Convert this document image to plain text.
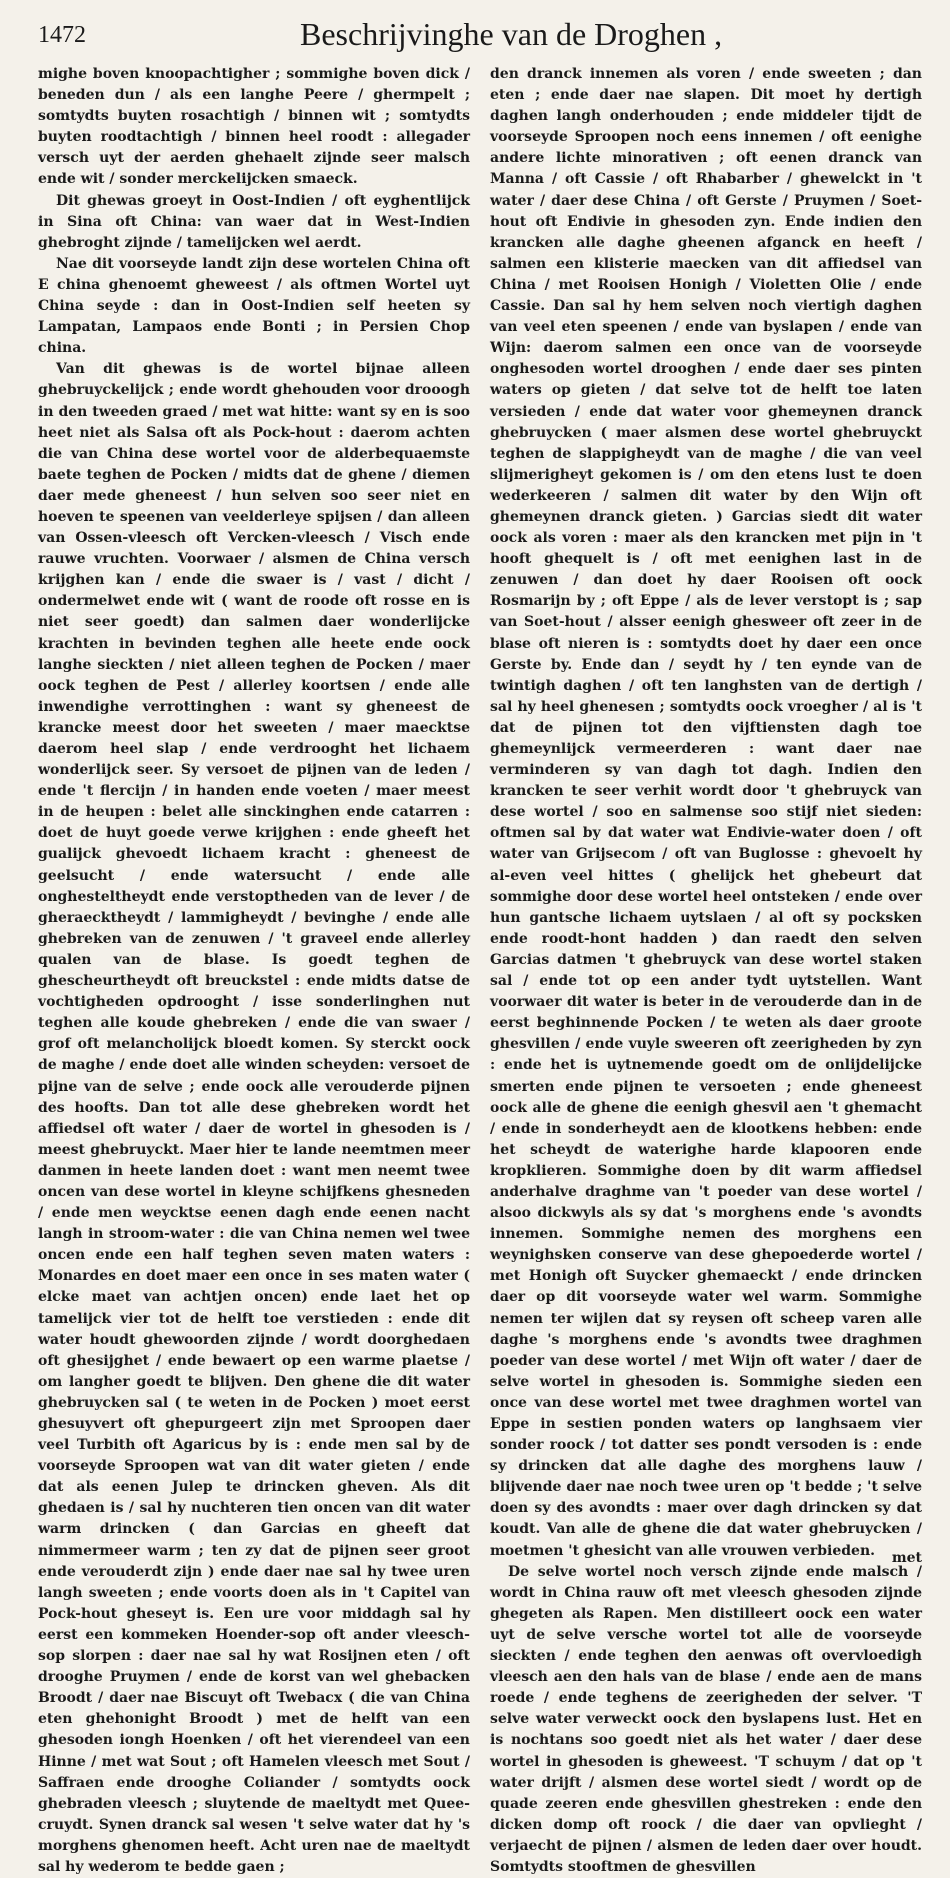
1472	Beschrijvinghe van de Droghen ,

mighe boven knoopachtigher ; sommighe boven dick / beneden dun / als een langhe Peere / ghermpelt ; somtydts buyten rosachtigh / binnen wit ; somtydts buyten roodtachtigh / binnen heel roodt : allegader versch uyt der aerden ghehaelt zijnde seer malsch ende wit / sonder merckelijcken smaeck.

Dit ghewas groeyt in Oost-Indien / oft eyghentlijck in Sina oft China: van waer dat in West-Indien ghebroght zijnde / tamelijcken wel aerdt.

Nae dit voorseyde landt zijn dese wortelen China oft E china ghenoemt gheweest / als oftmen Wortel uyt China seyde : dan in Oost-Indien self heeten sy Lampatan, Lampaos ende Bonti ; in Persien Chop china.

Van dit ghewas is de wortel bijnae alleen ghebruyckelijck ; ende wordt ghehouden voor drooogh in den tweeden graed / met wat hitte: want sy en is soo heet niet als Salsa oft als Pock-hout : daerom achten die van China dese wortel voor de alderbequaemste baete teghen de Pocken / midts dat de ghene / diemen daer mede gheneest / hun selven soo seer niet en hoeven te speenen van veelderleye spijsen / dan alleen van Ossen-vleesch oft Vercken-vleesch / Visch ende rauwe vruchten. Voorwaer / alsmen de China versch krijghen kan / ende die swaer is / vast / dicht / ondermelwet ende wit ( want de roode oft rosse en is niet seer goedt) dan salmen daer wonderlijcke krachten in bevinden teghen alle heete ende oock langhe sieckten / niet alleen teghen de Pocken / maer oock teghen de Pest / allerley koortsen / ende alle inwendighe verrottinghen : want sy gheneest de krancke meest door het sweeten / maer maecktse daerom heel slap / ende verdrooght het lichaem wonderlijck seer. Sy versoet de pijnen van de leden / ende 't flercijn / in handen ende voeten / maer meest in de heupen : belet alle sinckinghen ende catarren : doet de huyt goede verwe krijghen : ende gheeft het gualijck ghevoedt lichaem kracht : gheneest de geelsucht / ende watersucht / ende alle onghesteltheydt ende verstoptheden van de lever / de gheraecktheydt / lammigheydt / bevinghe / ende alle ghebreken van de zenuwen / 't graveel ende allerley qualen van de blase. Is goedt teghen de ghescheurtheydt oft breuckstel : ende midts datse de vochtigheden opdrooght / isse sonderlinghen nut teghen alle koude ghebreken / ende die van swaer / grof oft melancholijck bloedt komen. Sy sterckt oock de maghe / ende doet alle winden scheyden: versoet de pijne van de selve ; ende oock alle verouderde pijnen des hoofts. Dan tot alle dese ghebreken wordt het affiedsel oft water / daer de wortel in ghesoden is / meest ghebruyckt. Maer hier te lande neemtmen meer danmen in heete landen doet : want men neemt twee oncen van dese wortel in kleyne schijfkens ghesneden / ende men weycktse eenen dagh ende eenen nacht langh in stroom-water : die van China nemen wel twee oncen ende een half teghen seven maten waters : Monardes en doet maer een once in ses maten water ( elcke maet van achtjen oncen) ende laet het op tamelijck vier tot de helft toe verstieden : ende dit water houdt ghewoorden zijnde / wordt doorghedaen oft ghesijghet / ende bewaert op een warme plaetse / om langher goedt te blijven. Den ghene die dit water ghebruycken sal ( te weten in de Pocken ) moet eerst ghesuyvert oft ghepurgeert zijn met Sproopen daer veel Turbith oft Agaricus by is : ende men sal by de voorseyde Sproopen wat van dit water gieten / ende dat als eenen Julep te drincken gheven. Als dit ghedaen is / sal hy nuchteren tien oncen van dit water warm drincken ( dan Garcias en gheeft dat nimmermeer warm ; ten zy dat de pijnen seer groot ende verouderdt zijn ) ende daer nae sal hy twee uren langh sweeten ; ende voorts doen als in 't Capitel van Pock-hout gheseyt is. Een ure voor middagh sal hy eerst een kommeken Hoender-sop oft ander vleesch-sop slorpen : daer nae sal hy wat Rosijnen eten / oft drooghe Pruymen / ende de korst van wel ghebacken Broodt / daer nae Biscuyt oft Twebacx ( die van China eten ghehonight Broodt ) met de helft van een ghesoden iongh Hoenken / oft het vierendeel van een Hinne / met wat Sout ; oft Hamelen vleesch met Sout / Saffraen ende drooghe Coliander / somtydts oock ghebraden vleesch ; sluytende de maeltydt met Quee-cruydt. Synen dranck sal wesen 't selve water dat hy 's morghens ghenomen heeft. Acht uren nae de maeltydt sal hy wederom te bedde gaen ;

den dranck innemen als voren / ende sweeten ; dan eten ; ende daer nae slapen. Dit moet hy dertigh daghen langh onderhouden ; ende middeler tijdt de voorseyde Sproopen noch eens innemen / oft eenighe andere lichte minorativen ; oft eenen dranck van Manna / oft Cassie / oft Rhabarber / ghewelckt in 't water / daer dese China / oft Gerste / Pruymen / Soet-hout oft Endivie in ghesoden zyn. Ende indien den krancken alle daghe gheenen afganck en heeft / salmen een klisterie maecken van dit affiedsel van China / met Rooisen Honigh / Violetten Olie / ende Cassie. Dan sal hy hem selven noch viertigh daghen van veel eten speenen / ende van byslapen / ende van Wijn: daerom salmen een once van de voorseyde onghesoden wortel drooghen / ende daer ses pinten waters op gieten / dat selve tot de helft toe laten versieden / ende dat water voor ghemeynen dranck ghebruycken ( maer alsmen dese wortel ghebruyckt teghen de slappigheydt van de maghe / die van veel slijmerigheyt gekomen is / om den etens lust te doen wederkeeren / salmen dit water by den Wijn oft ghemeynen dranck gieten. ) Garcias siedt dit water oock als voren : maer als den krancken met pijn in 't hooft ghequelt is / oft met eenighen last in de zenuwen / dan doet hy daer Rooisen oft oock Rosmarijn by ; oft Eppe / als de lever verstopt is ; sap van Soet-hout / alsser eenigh ghesweer oft zeer in de blase oft nieren is : somtydts doet hy daer een once Gerste by. Ende dan / seydt hy / ten eynde van de twintigh daghen / oft ten langhsten van de dertigh / sal hy heel ghenesen ; somtydts oock vroegher / al is 't dat de pijnen tot den vijftiensten dagh toe ghemeynlijck vermeerderen : want daer nae verminderen sy van dagh tot dagh. Indien den krancken te seer verhit wordt door 't ghebruyck van dese wortel / soo en salmense soo stijf niet sieden: oftmen sal by dat water wat Endivie-water doen / oft water van Grijsecom / oft van Buglosse : ghevoelt hy al-even veel hittes ( ghelijck het ghebeurt dat sommighe door dese wortel heel ontsteken / ende over hun gantsche lichaem uytslaen / al oft sy pocksken ende roodt-hont hadden ) dan raedt den selven Garcias datmen 't ghebruyck van dese wortel staken sal / ende tot op een ander tydt uytstellen. Want voorwaer dit water is beter in de verouderde dan in de eerst beghinnende Pocken / te weten als daer groote ghesvillen / ende vuyle sweeren oft zeerigheden by zyn : ende het is uytnemende goedt om de onlijdelijcke smerten ende pijnen te versoeten ; ende gheneest oock alle de ghene die eenigh ghesvil aen 't ghemacht / ende in sonderheydt aen de klootkens hebben: ende het scheydt de waterighe harde klapooren ende kropklieren. Sommighe doen by dit warm affiedsel anderhalve draghme van 't poeder van dese wortel / alsoo dickwyls als sy dat 's morghens ende 's avondts innemen. Sommighe nemen des morghens een weynighsken conserve van dese ghepoederde wortel / met Honigh oft Suycker ghemaeckt / ende drincken daer op dit voorseyde water wel warm. Sommighe nemen ter wijlen dat sy reysen oft scheep varen alle daghe 's morghens ende 's avondts twee draghmen poeder van dese wortel / met Wijn oft water / daer de selve wortel in ghesoden is. Sommighe sieden een once van dese wortel met twee draghmen wortel van Eppe in sestien ponden waters op langhsaem vier sonder roock / tot datter ses pondt versoden is : ende sy drincken dat alle daghe des morghens lauw / blijvende daer nae noch twee uren op 't bedde ; 't selve doen sy des avondts : maer over dagh drincken sy dat koudt. Van alle de ghene die dat water ghebruycken / moetmen 't ghesicht van alle vrouwen verbieden.

De selve wortel noch versch zijnde ende malsch / wordt in China rauw oft met vleesch ghesoden zijnde ghegeten als Rapen. Men distilleert oock een water uyt de selve versche wortel tot alle de voorseyde sieckten / ende teghen den aenwas oft overvloedigh vleesch aen den hals van de blase / ende aen de mans roede / ende teghens de zeerigheden der selver. 'T selve water verweckt oock den byslapens lust. Het en is nochtans soo goedt niet als het water / daer dese wortel in ghesoden is gheweest. 'T schuym / dat op 't water drijft / alsmen dese wortel siedt / wordt op de quade zeeren ende ghesvillen ghestreken : ende den dicken domp oft roock / die daer van opvlieght / verjaecht de pijnen / alsmen de leden daer over houdt. Somtydts stooftmen de ghesvillen

met
